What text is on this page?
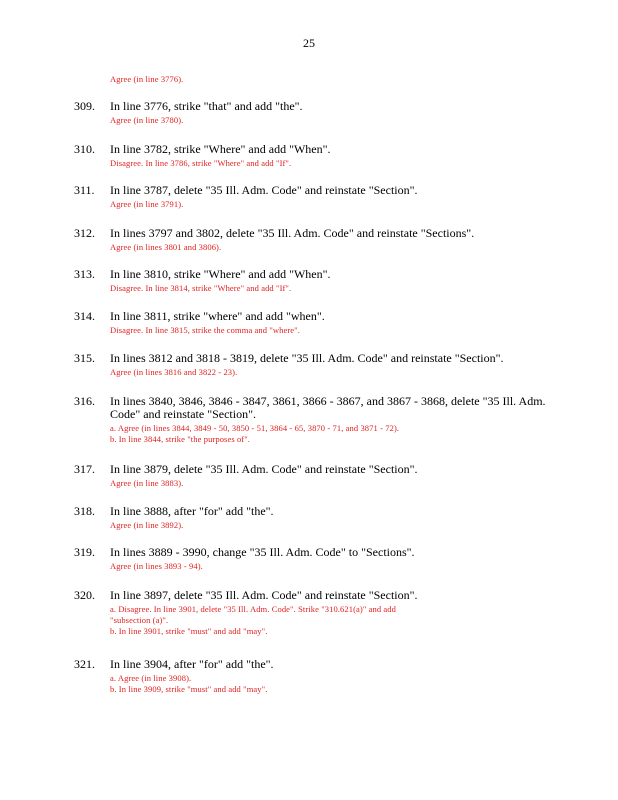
25
Agree (in line 3776).
309. In line 3776, strike "that" and add "the".
Agree (in line 3780).
310. In line 3782, strike "Where" and add "When".
Disagree. In line 3786, strike "Where" and add "If".
311. In line 3787, delete "35 Ill. Adm. Code" and reinstate "Section".
Agree (in line 3791).
312. In lines 3797 and 3802, delete "35 Ill. Adm. Code" and reinstate "Sections".
Agree (in lines 3801 and 3806).
313. In line 3810, strike "Where" and add "When".
Disagree. In line 3814, strike "Where" and add "If".
314. In line 3811, strike "where" and add "when".
Disagree. In line 3815, strike the comma and "where".
315. In lines 3812 and 3818 - 3819, delete "35 Ill. Adm. Code" and reinstate "Section".
Agree (in lines 3816 and 3822 - 23).
316. In lines 3840, 3846, 3846 - 3847, 3861, 3866 - 3867, and 3867 - 3868, delete "35 Ill. Adm.
Code" and reinstate "Section".
a. Agree (in lines 3844, 3849 - 50, 3850 - 51, 3864 - 65, 3870 - 71, and 3871 - 72).
b. In line 3844, strike "the purposes of".
317. In line 3879, delete "35 Ill. Adm. Code" and reinstate "Section".
Agree (in line 3883).
318. In line 3888, after "for" add "the".
Agree (in line 3892).
319. In lines 3889 - 3990, change "35 Ill. Adm. Code" to "Sections".
Agree (in lines 3893 - 94).
320. In line 3897, delete "35 Ill. Adm. Code" and reinstate "Section".
a. Disagree. In line 3901, delete "35 Ill. Adm. Code". Strike "310.621(a)" and add
"subsection (a)".
b. In line 3901, strike "must" and add "may".
321. In line 3904, after "for" add "the".
a. Agree (in line 3908).
b. In line 3909, strike "must" and add "may".
